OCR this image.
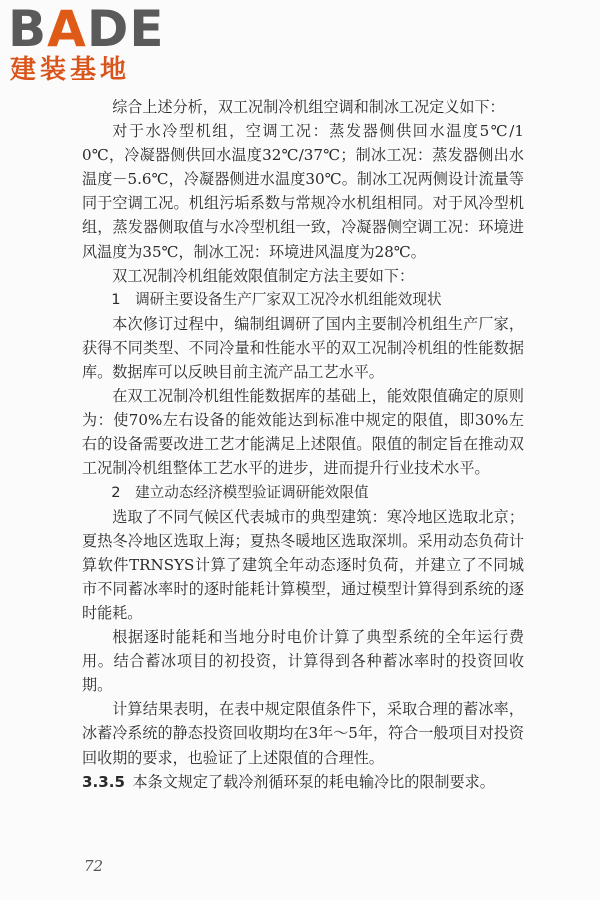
BADE
建装基地

综合上述分析，双工况制冷机组空调和制冰工况定义如下：

对于水冷型机组，空调工况：蒸发器侧供回水温度5℃/10℃，冷凝器侧供回水温度32℃/37℃；制冰工况：蒸发器侧出水温度－5.6℃，冷凝器侧进水温度30℃。制冰工况两侧设计流量等同于空调工况。机组污垢系数与常规冷水机组相同。对于风冷型机组，蒸发器侧取值与水冷型机组一致，冷凝器侧空调工况：环境进风温度为35℃，制冰工况：环境进风温度为28℃。

双工况制冷机组能效限值制定方法主要如下：

1　调研主要设备生产厂家双工况冷水机组能效现状

本次修订过程中，编制组调研了国内主要制冷机组生产厂家，获得不同类型、不同冷量和性能水平的双工况制冷机组的性能数据库。数据库可以反映目前主流产品工艺水平。

在双工况制冷机组性能数据库的基础上，能效限值确定的原则为：使70%左右设备的能效能达到标准中规定的限值，即30%左右的设备需要改进工艺才能满足上述限值。限值的制定旨在推动双工况制冷机组整体工艺水平的进步，进而提升行业技术水平。

2　建立动态经济模型验证调研能效限值

选取了不同气候区代表城市的典型建筑：寒冷地区选取北京；夏热冬冷地区选取上海；夏热冬暖地区选取深圳。采用动态负荷计算软件TRNSYS计算了建筑全年动态逐时负荷，并建立了不同城市不同蓄冰率时的逐时能耗计算模型，通过模型计算得到系统的逐时能耗。

根据逐时能耗和当地分时电价计算了典型系统的全年运行费用。结合蓄冰项目的初投资，计算得到各种蓄冰率时的投资回收期。

计算结果表明，在表中规定限值条件下，采取合理的蓄冰率，冰蓄冷系统的静态投资回收期均在3年～5年，符合一般项目对投资回收期的要求，也验证了上述限值的合理性。

3.3.5 本条文规定了载冷剂循环泵的耗电输冷比的限制要求。

72
